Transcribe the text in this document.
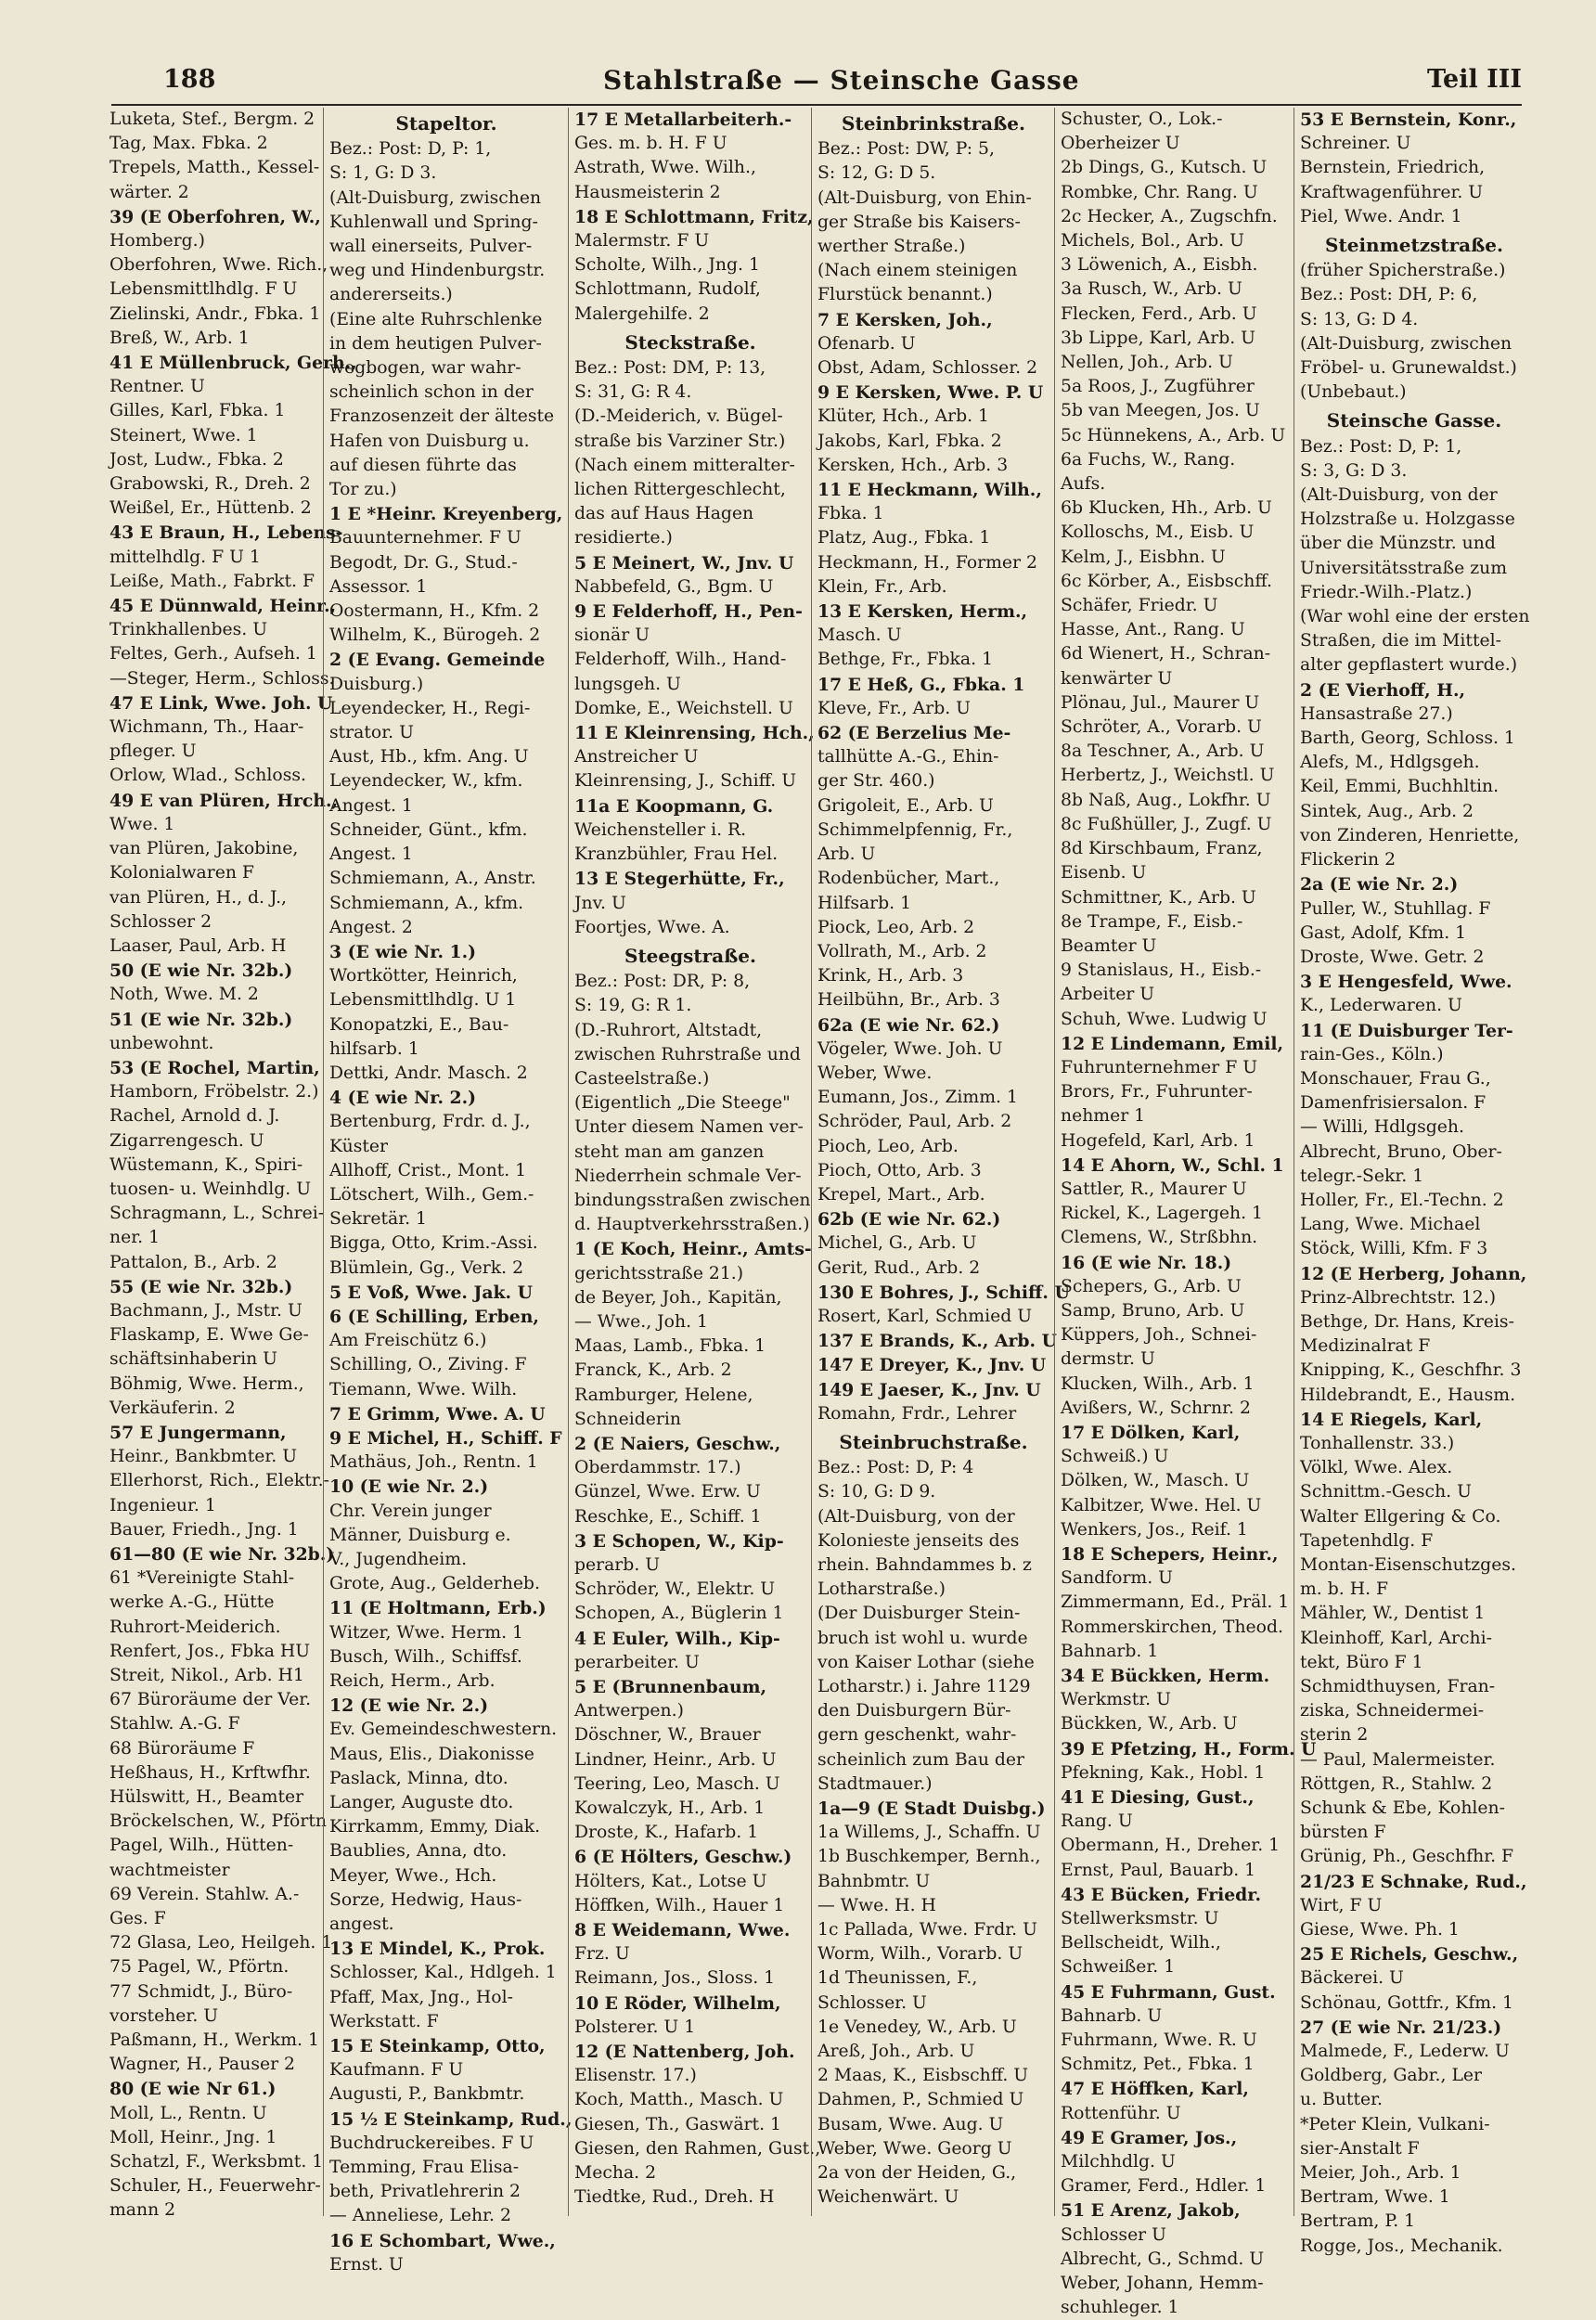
188	Stahlstraße — Steinsche Gasse	Teil III
Luketa, Stef., Bergm. 2
Tag, Max. Fbka. 2
Trepels, Matth., Kessel-
wärter. 2
39 (E Oberfohren, W.,
Homberg.)
Oberfohren, Wwe. Rich.,
Lebensmittlhdlg. F U
Zielinski, Andr., Fbka. 1
Breß, W., Arb. 1
41 E Müllenbruck, Gerh.,
Rentner. U
Gilles, Karl, Fbka. 1
Steinert, Wwe. 1
Jost, Ludw., Fbka. 2
Grabowski, R., Dreh. 2
Weißel, Er., Hüttenb. 2
43 E Braun, H., Lebens-
mittelhdlg. F U 1
Leiße, Math., Fabrkt. F
45 E Dünnwald, Heinr.,
Trinkhallenbes. U
Feltes, Gerh., Aufseh. 1
—Steger, Herm., Schloss.
47 E Link, Wwe. Joh. U
Wichmann, Th., Haar-
pfleger. U
Orlow, Wlad., Schloss.
49 E van Plüren, Hrch.,
Wwe. 1
van Plüren, Jakobine,
Kolonialwaren F
van Plüren, H., d. J.,
Schlosser 2
Laaser, Paul, Arb. H
50 (E wie Nr. 32b.)
Noth, Wwe. M. 2
51 (E wie Nr. 32b.)
unbewohnt.
53 (E Rochel, Martin,
Hamborn, Fröbelstr. 2.)
Rachel, Arnold d. J.
Zigarrengesch. U
Wüstemann, K., Spiri-
tuosen- u. Weinhdlg. U
Schragmann, L., Schrei-
ner. 1
Pattalon, B., Arb. 2
55 (E wie Nr. 32b.)
Bachmann, J., Mstr. U
Flaskamp, E. Wwe Ge-
schäftsinhaberin U
Böhmig, Wwe. Herm.,
Verkäuferin. 2
57 E Jungermann,
Heinr., Bankbmter. U
Ellerhorst, Rich., Elektr.-
Ingenieur. 1
Bauer, Friedh., Jng. 1
61—80 (E wie Nr. 32b.)
61 *Vereinigte Stahl-
werke A.-G., Hütte
Ruhrort-Meiderich.
Renfert, Jos., Fbka HU
Streit, Nikol., Arb. H1
67 Büroräume der Ver.
Stahlw. A.-G. F
68 Büroräume F
Heßhaus, H., Krftwfhr.
Hülswitt, H., Beamter
Bröckelschen, W., Pförtn
Pagel, Wilh., Hütten-
wachtmeister
69 Verein. Stahlw. A.-
Ges. F
72 Glasa, Leo, Heilgeh. 1
75 Pagel, W., Pförtn.
77 Schmidt, J., Büro-
vorsteher. U
Paßmann, H., Werkm. 1
Wagner, H., Pauser 2
80 (E wie Nr 61.)
Moll, L., Rentn. U
Moll, Heinr., Jng. 1
Schatzl, F., Werksbmt. 1
Schuler, H., Feuerwehr-
mann 2
Stapeltor.
Bez.: Post: D, P: 1,
S: 1, G: D 3.
(Alt-Duisburg, zwischen
Kuhlenwall und Spring-
wall einerseits, Pulver-
weg und Hindenburgstr.
andererseits.)
(Eine alte Ruhrschlenke
in dem heutigen Pulver-
wegbogen, war wahr-
scheinlich schon in der
Franzosenzeit der älteste
Hafen von Duisburg u.
auf diesen führte das
Tor zu.)
1 E *Heinr. Kreyenberg,
Bauunternehmer. F U
Begodt, Dr. G., Stud.-
Assessor. 1
Oostermann, H., Kfm. 2
Wilhelm, K., Bürogeh. 2
2 (E Evang. Gemeinde
Duisburg.)
Leyendecker, H., Regi-
strator. U
Aust, Hb., kfm. Ang. U
Leyendecker, W., kfm.
Angest. 1
Schneider, Günt., kfm.
Angest. 1
Schmiemann, A., Anstr.
Schmiemann, A., kfm.
Angest. 2
3 (E wie Nr. 1.)
Wortkötter, Heinrich,
Lebensmittlhdlg. U 1
Konopatzki, E., Bau-
hilfsarb. 1
Dettki, Andr. Masch. 2
4 (E wie Nr. 2.)
Bertenburg, Frdr. d. J.,
Küster
Allhoff, Crist., Mont. 1
Lötschert, Wilh., Gem.-
Sekretär. 1
Bigga, Otto, Krim.-Assi.
Blümlein, Gg., Verk. 2
5 E Voß, Wwe. Jak. U
6 (E Schilling, Erben,
Am Freischütz 6.)
Schilling, O., Ziving. F
Tiemann, Wwe. Wilh.
7 E Grimm, Wwe. A. U
9 E Michel, H., Schiff. F
Mathäus, Joh., Rentn. 1
10 (E wie Nr. 2.)
Chr. Verein junger
Männer, Duisburg e.
V., Jugendheim.
Grote, Aug., Gelderheb.
11 (E Holtmann, Erb.)
Witzer, Wwe. Herm. 1
Busch, Wilh., Schiffsf.
Reich, Herm., Arb.
12 (E wie Nr. 2.)
Ev. Gemeindeschwestern.
Maus, Elis., Diakonisse
Paslack, Minna, dto.
Langer, Auguste dto.
Kirrkamm, Emmy, Diak.
Baublies, Anna, dto.
Meyer, Wwe., Hch.
Sorze, Hedwig, Haus-
angest.
13 E Mindel, K., Prok.
Schlosser, Kal., Hdlgeh. 1
Pfaff, Max, Jng., Hol-
Werkstatt. F
15 E Steinkamp, Otto,
Kaufmann. F U
Augusti, P., Bankbmtr.
15 ½ E Steinkamp, Rud.,
Buchdruckereibes. F U
Temming, Frau Elisa-
beth, Privatlehrerin 2
— Anneliese, Lehr. 2
16 E Schombart, Wwe.,
Ernst. U
17 E Metallarbeiterh.-
Ges. m. b. H. F U
Astrath, Wwe. Wilh.,
Hausmeisterin 2
18 E Schlottmann, Fritz,
Malermstr. F U
Scholte, Wilh., Jng. 1
Schlottmann, Rudolf,
Malergehilfe. 2
Steckstraße.
Bez.: Post: DM, P: 13,
S: 31, G: R 4.
(D.-Meiderich, v. Bügel-
straße bis Varziner Str.)
(Nach einem mitteralter-
lichen Rittergeschlecht,
das auf Haus Hagen
residierte.)
5 E Meinert, W., Jnv. U
Nabbefeld, G., Bgm. U
9 E Felderhoff, H., Pen-
sionär U
Felderhoff, Wilh., Hand-
lungsgeh. U
Domke, E., Weichstell. U
11 E Kleinrensing, Hch.,
Anstreicher U
Kleinrensing, J., Schiff. U
11a E Koopmann, G.
Weichensteller i. R.
Kranzbühler, Frau Hel.
13 E Stegerhütte, Fr.,
Jnv. U
Foortjes, Wwe. A.
Steegstraße.
Bez.: Post: DR, P: 8,
S: 19, G: R 1.
(D.-Ruhrort, Altstadt,
zwischen Ruhrstraße und
Casteelstraße.)
(Eigentlich „Die Steege"
Unter diesem Namen ver-
steht man am ganzen
Niederrhein schmale Ver-
bindungsstraßen zwischen
d. Hauptverkehrsstraßen.)
1 (E Koch, Heinr., Amts-
gerichtsstraße 21.)
de Beyer, Joh., Kapitän,
— Wwe., Joh. 1
Maas, Lamb., Fbka. 1
Franck, K., Arb. 2
Ramburger, Helene,
Schneiderin
2 (E Naiers, Geschw.,
Oberdammstr. 17.)
Günzel, Wwe. Erw. U
Reschke, E., Schiff. 1
3 E Schopen, W., Kip-
perarb. U
Schröder, W., Elektr. U
Schopen, A., Büglerin 1
4 E Euler, Wilh., Kip-
perarbeiter. U
5 E (Brunnenbaum,
Antwerpen.)
Döschner, W., Brauer
Lindner, Heinr., Arb. U
Teering, Leo, Masch. U
Kowalczyk, H., Arb. 1
Droste, K., Hafarb. 1
6 (E Hölters, Geschw.)
Hölters, Kat., Lotse U
Höffken, Wilh., Hauer 1
8 E Weidemann, Wwe.
Frz. U
Reimann, Jos., Sloss. 1
10 E Röder, Wilhelm,
Polsterer. U 1
12 (E Nattenberg, Joh.
Elisenstr. 17.)
Koch, Matth., Masch. U
Giesen, Th., Gaswärt. 1
Giesen, den Rahmen, Gust.,
Mecha. 2
Tiedtke, Rud., Dreh. H
Steinbrinkstraße.
Bez.: Post: DW, P: 5,
S: 12, G: D 5.
(Alt-Duisburg, von Ehin-
ger Straße bis Kaisers-
werther Straße.)
(Nach einem steinigen
Flurstück benannt.)
7 E Kersken, Joh.,
Ofenarb. U
Obst, Adam, Schlosser. 2
9 E Kersken, Wwe. P. U
Klüter, Hch., Arb. 1
Jakobs, Karl, Fbka. 2
Kersken, Hch., Arb. 3
11 E Heckmann, Wilh.,
Fbka. 1
Platz, Aug., Fbka. 1
Heckmann, H., Former 2
Klein, Fr., Arb.
13 E Kersken, Herm.,
Masch. U
Bethge, Fr., Fbka. 1
17 E Heß, G., Fbka. 1
Kleve, Fr., Arb. U
62 (E Berzelius Me-
tallhütte A.-G., Ehin-
ger Str. 460.)
Grigoleit, E., Arb. U
Schimmelpfennig, Fr.,
Arb. U
Rodenbücher, Mart.,
Hilfsarb. 1
Piock, Leo, Arb. 2
Vollrath, M., Arb. 2
Krink, H., Arb. 3
Heilbühn, Br., Arb. 3
62a (E wie Nr. 62.)
Vögeler, Wwe. Joh. U
Weber, Wwe.
Eumann, Jos., Zimm. 1
Schröder, Paul, Arb. 2
Pioch, Leo, Arb.
Pioch, Otto, Arb. 3
Krepel, Mart., Arb.
62b (E wie Nr. 62.)
Michel, G., Arb. U
Gerit, Rud., Arb. 2
130 E Bohres, J., Schiff. U
Rosert, Karl, Schmied U
137 E Brands, K., Arb. U
147 E Dreyer, K., Jnv. U
149 E Jaeser, K., Jnv. U
Romahn, Frdr., Lehrer
Steinbruchstraße.
Bez.: Post: D, P: 4
S: 10, G: D 9.
(Alt-Duisburg, von der
Kolonieste jenseits des
rhein. Bahndammes b. z
Lotharstraße.)
(Der Duisburger Stein-
bruch ist wohl u. wurde
von Kaiser Lothar (siehe
Lotharstr.) i. Jahre 1129
den Duisburgern Bür-
gern geschenkt, wahr-
scheinlich zum Bau der
Stadtmauer.)
1a—9 (E Stadt Duisbg.)
1a Willems, J., Schaffn. U
1b Buschkemper, Bernh.,
Bahnbmtr. U
— Wwe. H. H
1c Pallada, Wwe. Frdr. U
Worm, Wilh., Vorarb. U
1d Theunissen, F.,
Schlosser. U
1e Venedey, W., Arb. U
Areß, Joh., Arb. U
2 Maas, K., Eisbschff. U
Dahmen, P., Schmied U
Busam, Wwe. Aug. U
Weber, Wwe. Georg U
2a von der Heiden, G.,
Weichenwärt. U
Schuster, O., Lok.-
Oberheizer U
2b Dings, G., Kutsch. U
Rombke, Chr. Rang. U
2c Hecker, A., Zugschfn.
Michels, Bol., Arb. U
3 Löwenich, A., Eisbh.
3a Rusch, W., Arb. U
Flecken, Ferd., Arb. U
3b Lippe, Karl, Arb. U
Nellen, Joh., Arb. U
5a Roos, J., Zugführer
5b van Meegen, Jos. U
5c Hünnekens, A., Arb. U
6a Fuchs, W., Rang.
Aufs.
6b Klucken, Hh., Arb. U
Kolloschs, M., Eisb. U
Kelm, J., Eisbhn. U
6c Körber, A., Eisbschff.
Schäfer, Friedr. U
Hasse, Ant., Rang. U
6d Wienert, H., Schran-
kenwärter U
Plönau, Jul., Maurer U
Schröter, A., Vorarb. U
8a Teschner, A., Arb. U
Herbertz, J., Weichstl. U
8b Naß, Aug., Lokfhr. U
8c Fußhüller, J., Zugf. U
8d Kirschbaum, Franz,
Eisenb. U
Schmittner, K., Arb. U
8e Trampe, F., Eisb.-
Beamter U
9 Stanislaus, H., Eisb.-
Arbeiter U
Schuh, Wwe. Ludwig U
12 E Lindemann, Emil,
Fuhrunternehmer F U
Brors, Fr., Fuhrunter-
nehmer 1
Hogefeld, Karl, Arb. 1
14 E Ahorn, W., Schl. 1
Sattler, R., Maurer U
Rickel, K., Lagergeh. 1
Clemens, W., Strßbhn.
16 (E wie Nr. 18.)
Schepers, G., Arb. U
Samp, Bruno, Arb. U
Küppers, Joh., Schnei-
dermstr. U
Klucken, Wilh., Arb. 1
Avißers, W., Schrnr. 2
17 E Dölken, Karl,
Schweiß.) U
Dölken, W., Masch. U
Kalbitzer, Wwe. Hel. U
Wenkers, Jos., Reif. 1
18 E Schepers, Heinr.,
Sandform. U
Zimmermann, Ed., Präl. 1
Rommerskirchen, Theod.
Bahnarb. 1
34 E Bückken, Herm.
Werkmstr. U
Bückken, W., Arb. U
39 E Pfetzing, H., Form. U
Pfekning, Kak., Hobl. 1
41 E Diesing, Gust.,
Rang. U
Obermann, H., Dreher. 1
Ernst, Paul, Bauarb. 1
43 E Bücken, Friedr.
Stellwerksmstr. U
Bellscheidt, Wilh.,
Schweißer. 1
45 E Fuhrmann, Gust.
Bahnarb. U
Fuhrmann, Wwe. R. U
Schmitz, Pet., Fbka. 1
47 E Höffken, Karl,
Rottenführ. U
49 E Gramer, Jos.,
Milchhdlg. U
Gramer, Ferd., Hdler. 1
51 E Arenz, Jakob,
Schlosser U
Albrecht, G., Schmd. U
Weber, Johann, Hemm-
schuhleger. 1
53 E Bernstein, Konr.,
Schreiner. U
Bernstein, Friedrich,
Kraftwagenführer. U
Piel, Wwe. Andr. 1
Steinmetzstraße.
(früher Spicherstraße.)
Bez.: Post: DH, P: 6,
S: 13, G: D 4.
(Alt-Duisburg, zwischen
Fröbel- u. Grunewaldst.)
(Unbebaut.)
Steinsche Gasse.
Bez.: Post: D, P: 1,
S: 3, G: D 3.
(Alt-Duisburg, von der
Holzstraße u. Holzgasse
über die Münzstr. und
Universitätsstraße zum
Friedr.-Wilh.-Platz.)
(War wohl eine der ersten
Straßen, die im Mittel-
alter gepflastert wurde.)
2 (E Vierhoff, H.,
Hansastraße 27.)
Barth, Georg, Schloss. 1
Alefs, M., Hdlgsgeh.
Keil, Emmi, Buchhltin.
Sintek, Aug., Arb. 2
von Zinderen, Henriette,
Flickerin 2
2a (E wie Nr. 2.)
Puller, W., Stuhllag. F
Gast, Adolf, Kfm. 1
Droste, Wwe. Getr. 2
3 E Hengesfeld, Wwe.
K., Lederwaren. U
11 (E Duisburger Ter-
rain-Ges., Köln.)
Monschauer, Frau G.,
Damenfrisiersalon. F
— Willi, Hdlgsgeh.
Albrecht, Bruno, Ober-
telegr.-Sekr. 1
Holler, Fr., El.-Techn. 2
Lang, Wwe. Michael
Stöck, Willi, Kfm. F 3
12 (E Herberg, Johann,
Prinz-Albrechtstr. 12.)
Bethge, Dr. Hans, Kreis-
Medizinalrat F
Knipping, K., Geschfhr. 3
Hildebrandt, E., Hausm.
14 E Riegels, Karl,
Tonhallenstr. 33.)
Völkl, Wwe. Alex.
Schnittm.-Gesch. U
Walter Ellgering & Co.
Tapetenhdlg. F
Montan-Eisenschutzges.
m. b. H. F
Mähler, W., Dentist 1
Kleinhoff, Karl, Archi-
tekt, Büro F 1
Schmidthuysen, Fran-
ziska, Schneidermei-
sterin 2
— Paul, Malermeister.
Röttgen, R., Stahlw. 2
Schunk & Ebe, Kohlen-
bürsten F
Grünig, Ph., Geschfhr. F
21/23 E Schnake, Rud.,
Wirt, F U
Giese, Wwe. Ph. 1
25 E Richels, Geschw.,
Bäckerei. U
Schönau, Gottfr., Kfm. 1
27 (E wie Nr. 21/23.)
Malmede, F., Lederw. U
Goldberg, Gabr., Ler
u. Butter.
*Peter Klein, Vulkani-
sier-Anstalt F
Meier, Joh., Arb. 1
Bertram, Wwe. 1
Bertram, P. 1
Rogge, Jos., Mechanik.
